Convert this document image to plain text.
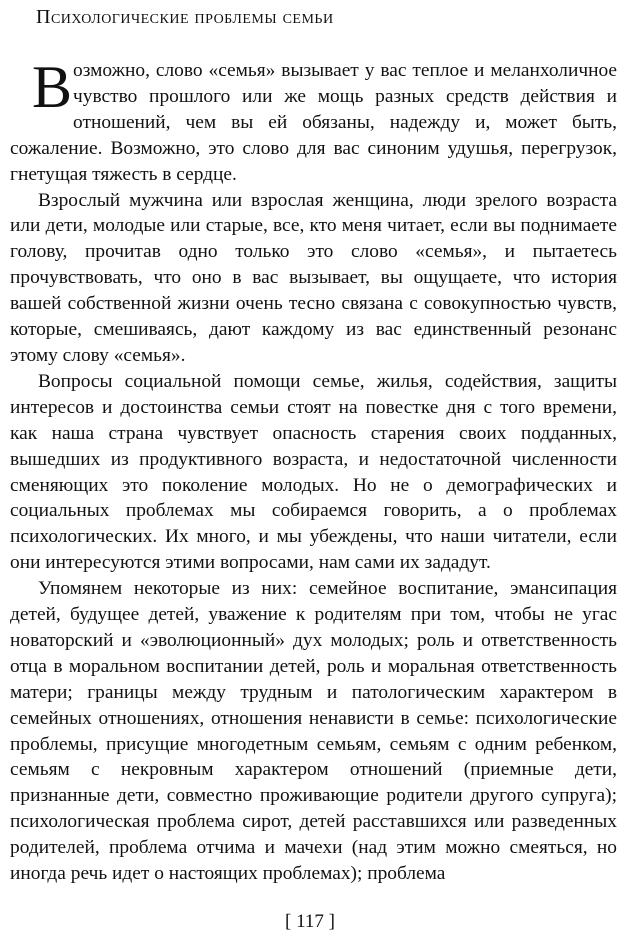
Психологические проблемы семьи

Возможно, слово «семья» вызывает у вас теплое и меланхоличное чувство прошлого или же мощь разных средств действия и отношений, чем вы ей обязаны, надежду и, может быть, сожаление. Возможно, это слово для вас синоним удушья, перегрузок, гнетущая тяжесть в сердце.

Взрослый мужчина или взрослая женщина, люди зрелого возраста или дети, молодые или старые, все, кто меня читает, если вы поднимаете голову, прочитав одно только это слово «семья», и пытаетесь прочувствовать, что оно в вас вызывает, вы ощущаете, что история вашей собственной жизни очень тесно связана с совокупностью чувств, которые, смешиваясь, дают каждому из вас единственный резонанс этому слову «семья».

Вопросы социальной помощи семье, жилья, содействия, защиты интересов и достоинства семьи стоят на повестке дня с того времени, как наша страна чувствует опасность старения своих подданных, вышедших из продуктивного возраста, и недостаточной численности сменяющих это поколение молодых. Но не о демографических и социальных проблемах мы собираемся говорить, а о проблемах психологических. Их много, и мы убеждены, что наши читатели, если они интересуются этими вопросами, нам сами их зададут.

Упомянем некоторые из них: семейное воспитание, эмансипация детей, будущее детей, уважение к родителям при том, чтобы не угас новаторский и «эволюционный» дух молодых; роль и ответственность отца в моральном воспитании детей, роль и моральная ответственность матери; границы между трудным и патологическим характером в семейных отношениях, отношения ненависти в семье: психологические проблемы, присущие многодетным семьям, семьям с одним ребенком, семьям с некровным характером отношений (приемные дети, признанные дети, совместно проживающие родители другого супруга); психологическая проблема сирот, детей расставшихся или разведенных родителей, проблема отчима и мачехи (над этим можно смеяться, но иногда речь идет о настоящих проблемах); проблема

[ 117 ]
